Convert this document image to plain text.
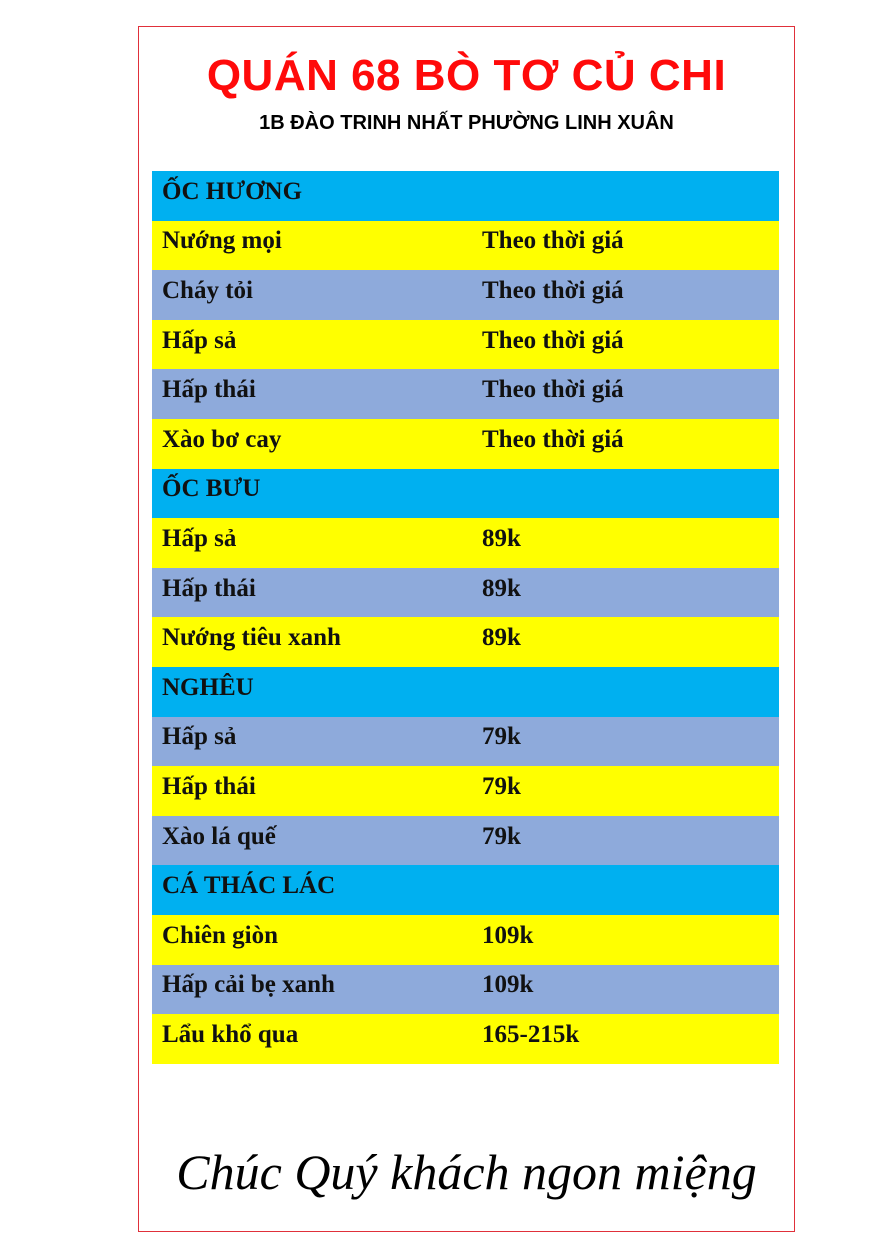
QUÁN 68 BÒ TƠ CỦ CHI
1B ĐÀO TRINH NHẤT PHƯỜNG LINH XUÂN
ỐC HƯƠNG
Nướng mọi	Theo thời giá
Cháy tỏi	Theo thời giá
Hấp sả	Theo thời giá
Hấp thái	Theo thời giá
Xào bơ cay	Theo thời giá
ỐC BƯU
Hấp sả	89k
Hấp thái	89k
Nướng tiêu xanh	89k
NGHÊU
Hấp sả	79k
Hấp thái	79k
Xào lá quế	79k
CÁ THÁC LÁC
Chiên giòn	109k
Hấp cải bẹ xanh	109k
Lẩu khổ qua	165-215k
Chúc Quý khách ngon miệng
